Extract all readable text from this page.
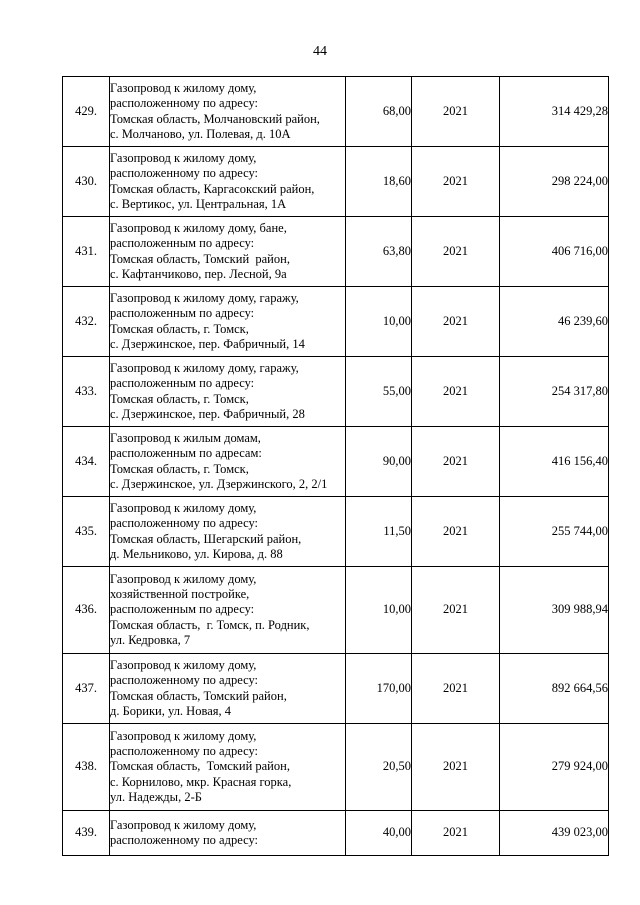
44
429.	Газопровод к жилому дому,
расположенному по адресу:
Томская область, Молчановский район,
с. Молчаново, ул. Полевая, д. 10А	68,00	2021	314 429,28
430.	Газопровод к жилому дому,
расположенному по адресу:
Томская область, Каргасокский район,
с. Вертикос, ул. Центральная, 1А	18,60	2021	298 224,00
431.	Газопровод к жилому дому, бане,
расположенным по адресу:
Томская область, Томский  район,
с. Кафтанчиково, пер. Лесной, 9а	63,80	2021	406 716,00
432.	Газопровод к жилому дому, гаражу,
расположенным по адресу:
Томская область, г. Томск,
с. Дзержинское, пер. Фабричный, 14	10,00	2021	46 239,60
433.	Газопровод к жилому дому, гаражу,
расположенным по адресу:
Томская область, г. Томск,
с. Дзержинское, пер. Фабричный, 28	55,00	2021	254 317,80
434.	Газопровод к жилым домам,
расположенным по адресам:
Томская область, г. Томск,
с. Дзержинское, ул. Дзержинского, 2, 2/1	90,00	2021	416 156,40
435.	Газопровод к жилому дому,
расположенному по адресу:
Томская область, Шегарский район,
д. Мельниково, ул. Кирова, д. 88	11,50	2021	255 744,00
436.	Газопровод к жилому дому,
хозяйственной постройке,
расположенным по адресу:
Томская область,  г. Томск, п. Родник,
ул. Кедровка, 7	10,00	2021	309 988,94
437.	Газопровод к жилому дому,
расположенному по адресу:
Томская область, Томский район,
д. Борики, ул. Новая, 4	170,00	2021	892 664,56
438.	Газопровод к жилому дому,
расположенному по адресу:
Томская область,  Томский район,
с. Корнилово, мкр. Красная горка,
ул. Надежды, 2-Б	20,50	2021	279 924,00
439.	Газопровод к жилому дому,
расположенному по адресу:	40,00	2021	439 023,00
